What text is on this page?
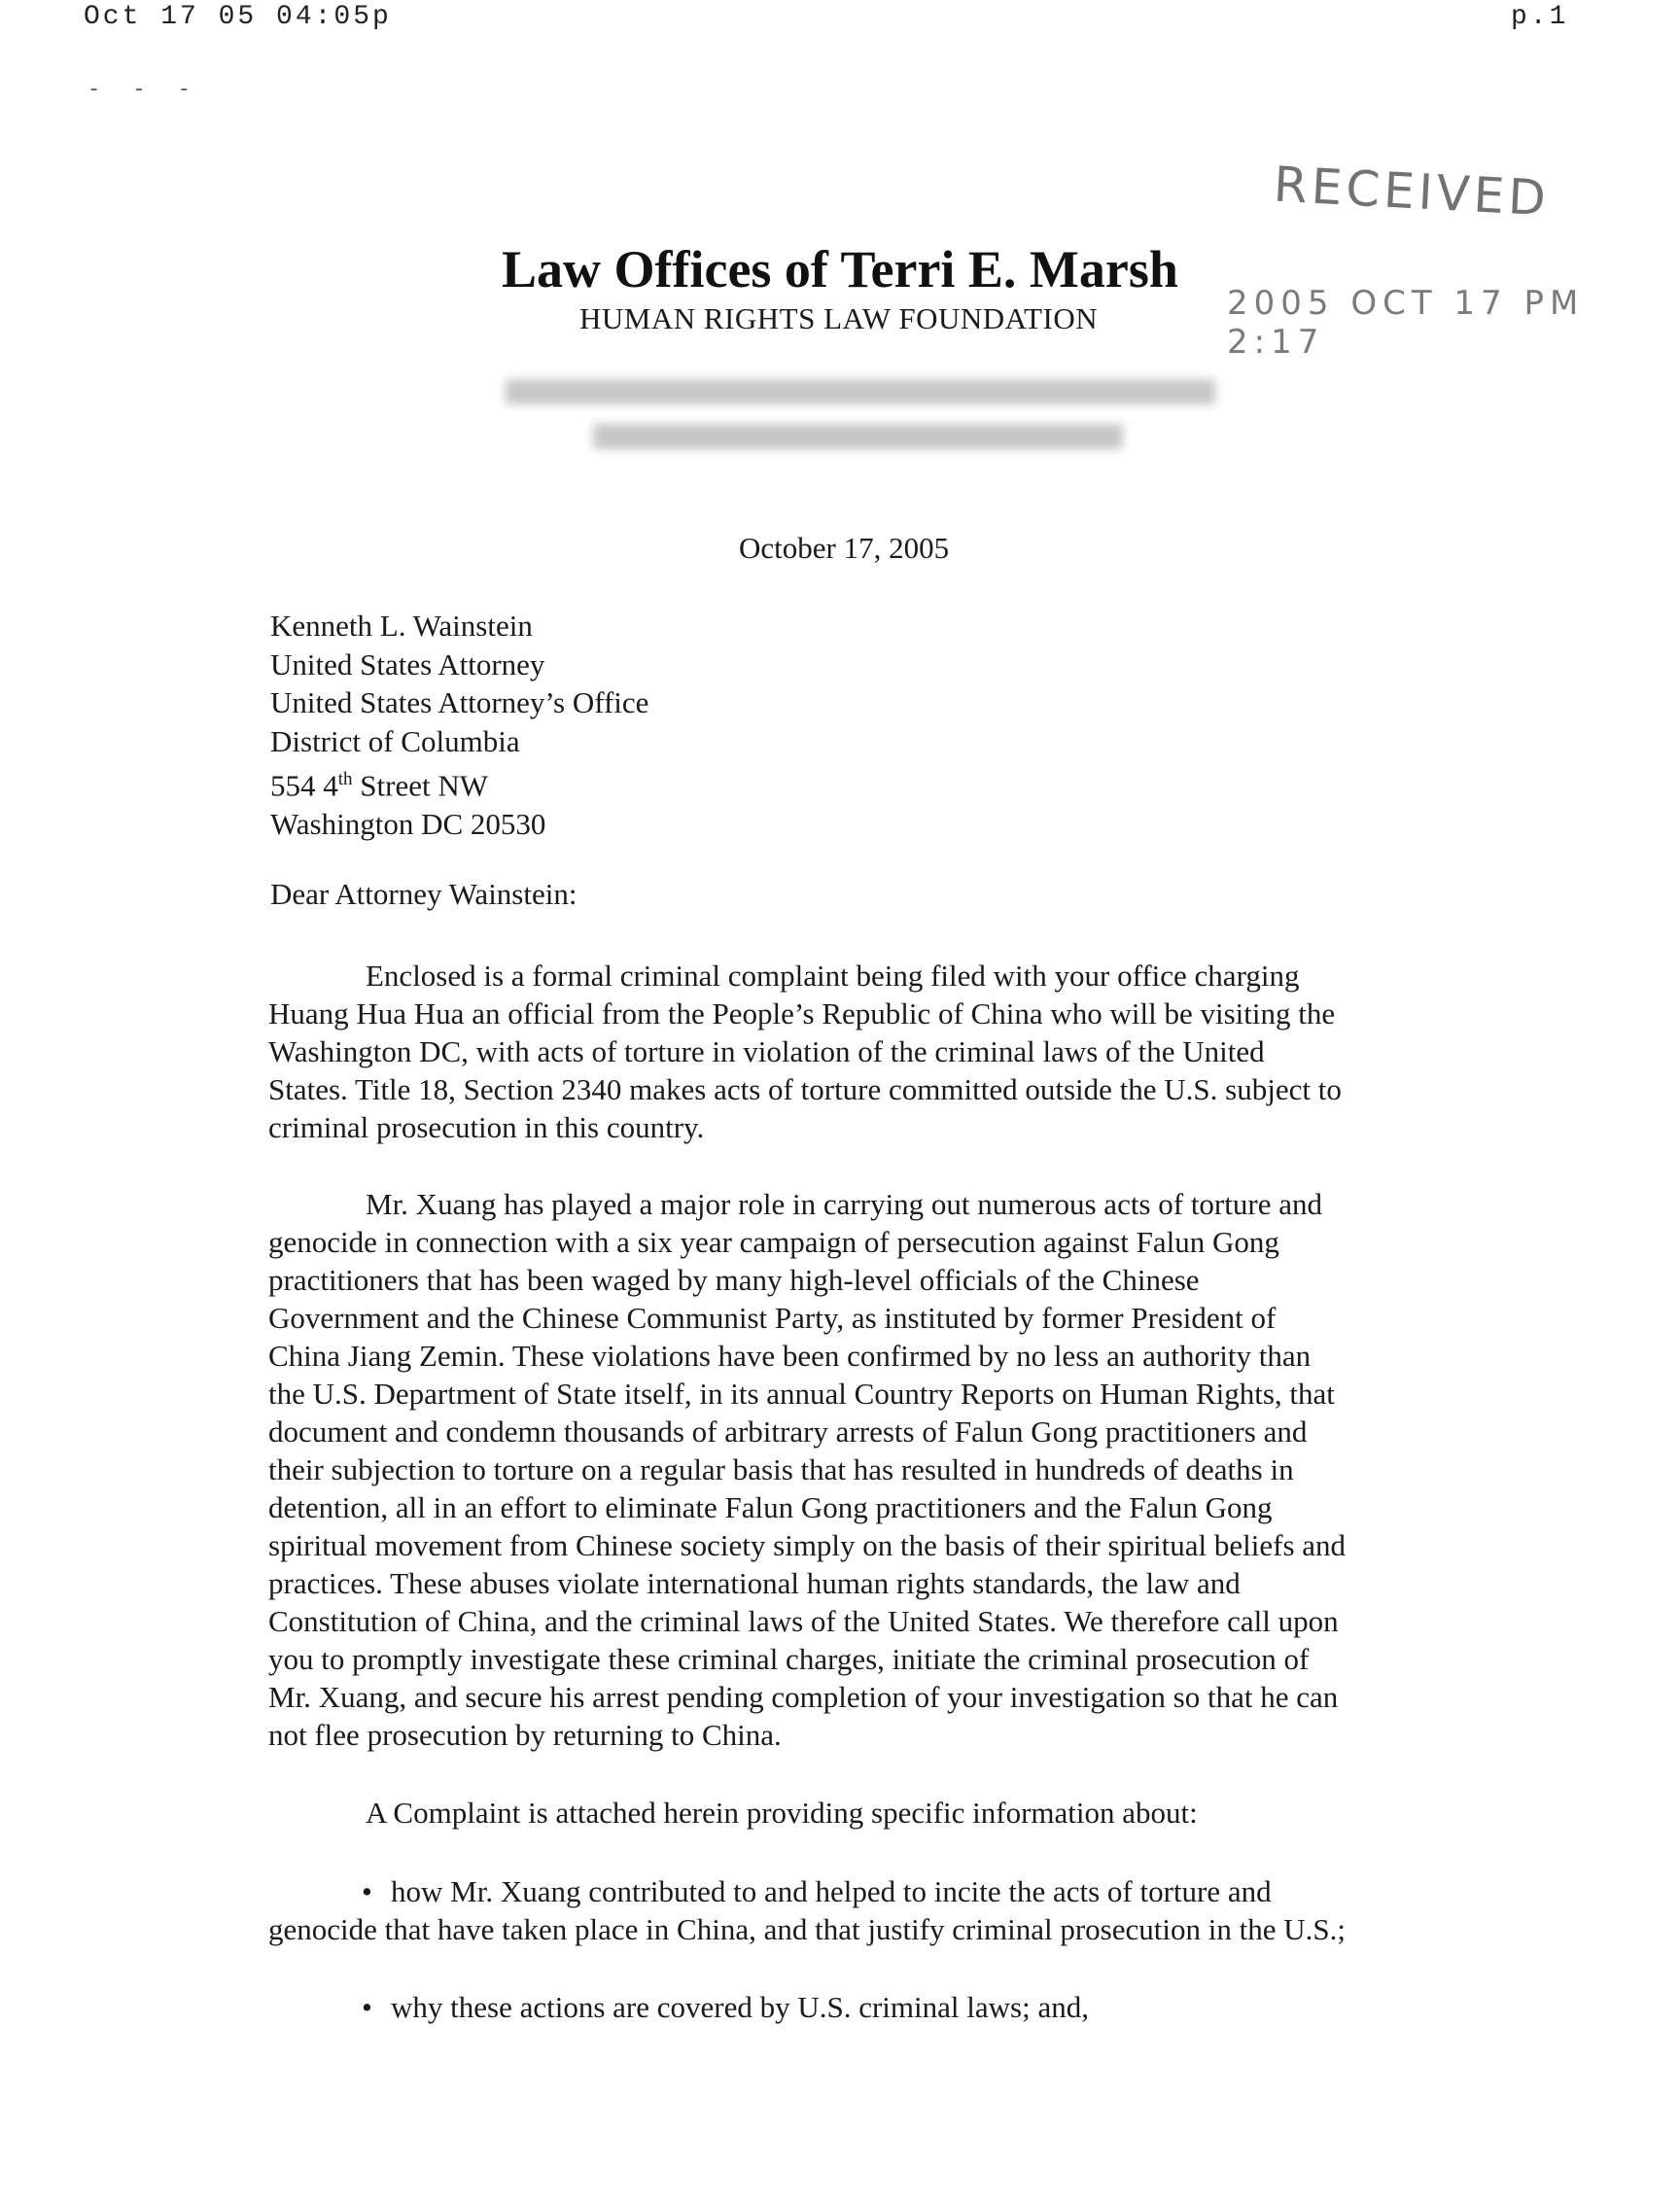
Oct 17 05 04:05p	p.1
- - -
RECEIVED
2005 OCT 17 PM 2:17
Law Offices of Terri E. Marsh
HUMAN RIGHTS LAW FOUNDATION
October 17, 2005
Kenneth L. Wainstein
United States Attorney
United States Attorney’s Office
District of Columbia
554 4th Street NW
Washington DC 20530
Dear Attorney Wainstein:
Enclosed is a formal criminal complaint being filed with your office charging
Huang Hua Hua an official from the People’s Republic of China who will be visiting the
Washington DC, with acts of torture in violation of the criminal laws of the United
States. Title 18, Section 2340 makes acts of torture committed outside the U.S. subject to
criminal prosecution in this country.
Mr. Xuang has played a major role in carrying out numerous acts of torture and
genocide in connection with a six year campaign of persecution against Falun Gong
practitioners that has been waged by many high-level officials of the Chinese
Government and the Chinese Communist Party, as instituted by former President of
China Jiang Zemin. These violations have been confirmed by no less an authority than
the U.S. Department of State itself, in its annual Country Reports on Human Rights, that
document and condemn thousands of arbitrary arrests of Falun Gong practitioners and
their subjection to torture on a regular basis that has resulted in hundreds of deaths in
detention, all in an effort to eliminate Falun Gong practitioners and the Falun Gong
spiritual movement from Chinese society simply on the basis of their spiritual beliefs and
practices. These abuses violate international human rights standards, the law and
Constitution of China, and the criminal laws of the United States. We therefore call upon
you to promptly investigate these criminal charges, initiate the criminal prosecution of
Mr. Xuang, and secure his arrest pending completion of your investigation so that he can
not flee prosecution by returning to China.
A Complaint is attached herein providing specific information about:
• how Mr. Xuang contributed to and helped to incite the acts of torture and
genocide that have taken place in China, and that justify criminal prosecution in the U.S.;
• why these actions are covered by U.S. criminal laws; and,
